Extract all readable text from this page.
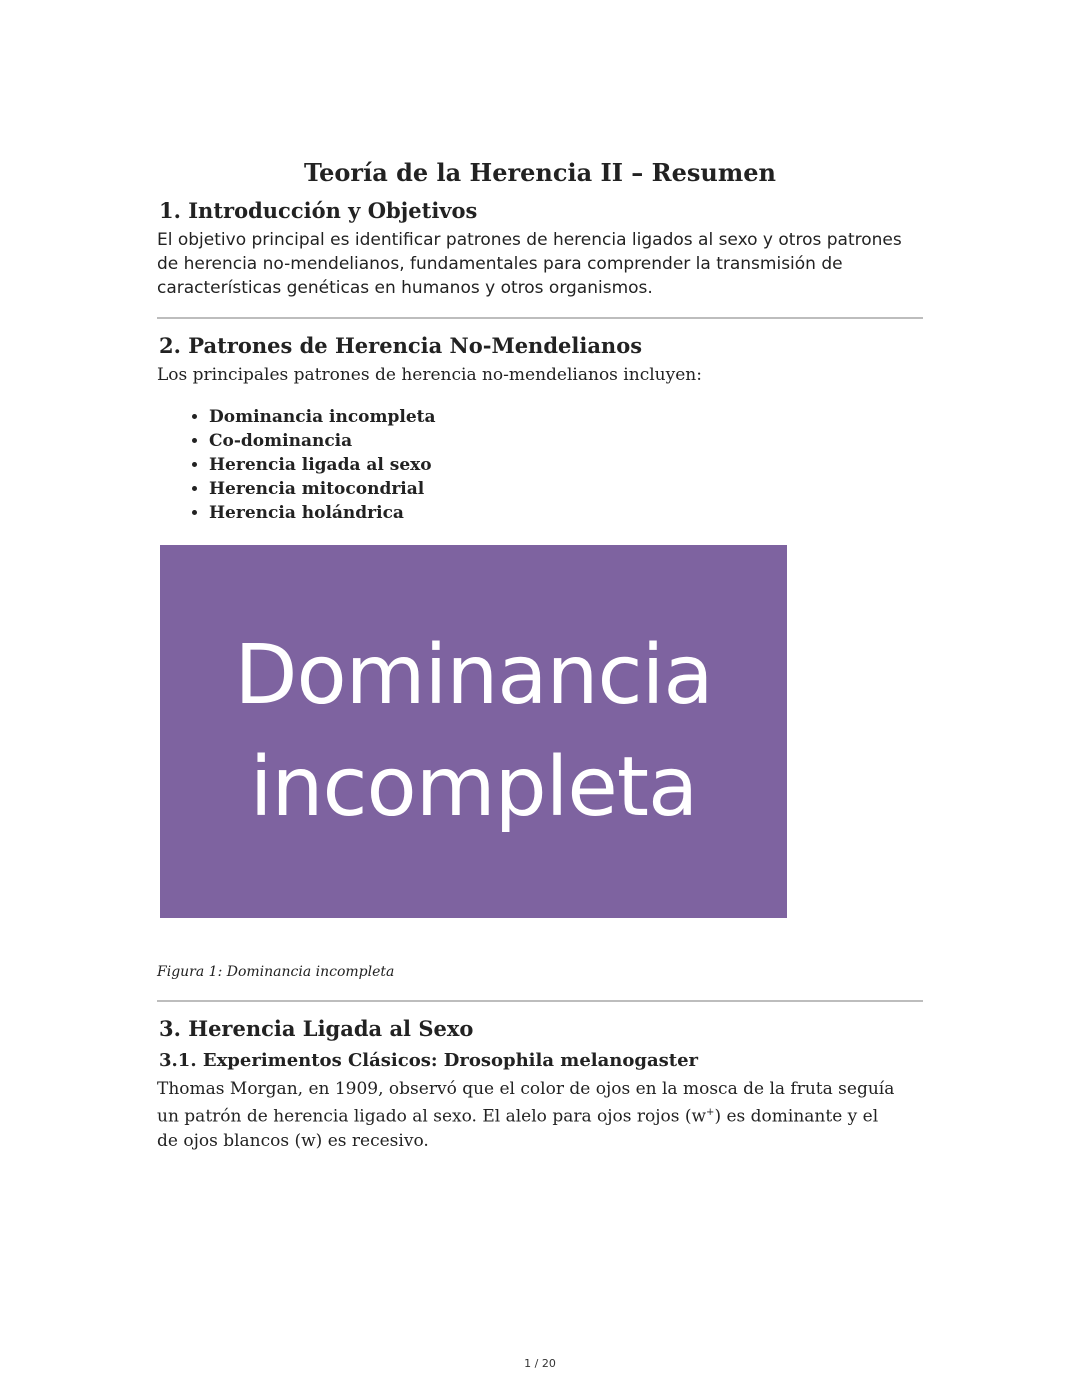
Teoría de la Herencia II – Resumen
1. Introducción y Objetivos
El objetivo principal es identificar patrones de herencia ligados al sexo y otros patrones de herencia no-mendelianos, fundamentales para comprender la transmisión de características genéticas en humanos y otros organismos.
2. Patrones de Herencia No-Mendelianos
Los principales patrones de herencia no-mendelianos incluyen:
• Dominancia incompleta
• Co-dominancia
• Herencia ligada al sexo
• Herencia mitocondrial
• Herencia holándrica
Dominancia
incompleta
Figura 1: Dominancia incompleta
3. Herencia Ligada al Sexo
3.1. Experimentos Clásicos: Drosophila melanogaster
Thomas Morgan, en 1909, observó que el color de ojos en la mosca de la fruta seguía un patrón de herencia ligado al sexo. El alelo para ojos rojos (w+) es dominante y el de ojos blancos (w) es recesivo.
1 / 20
